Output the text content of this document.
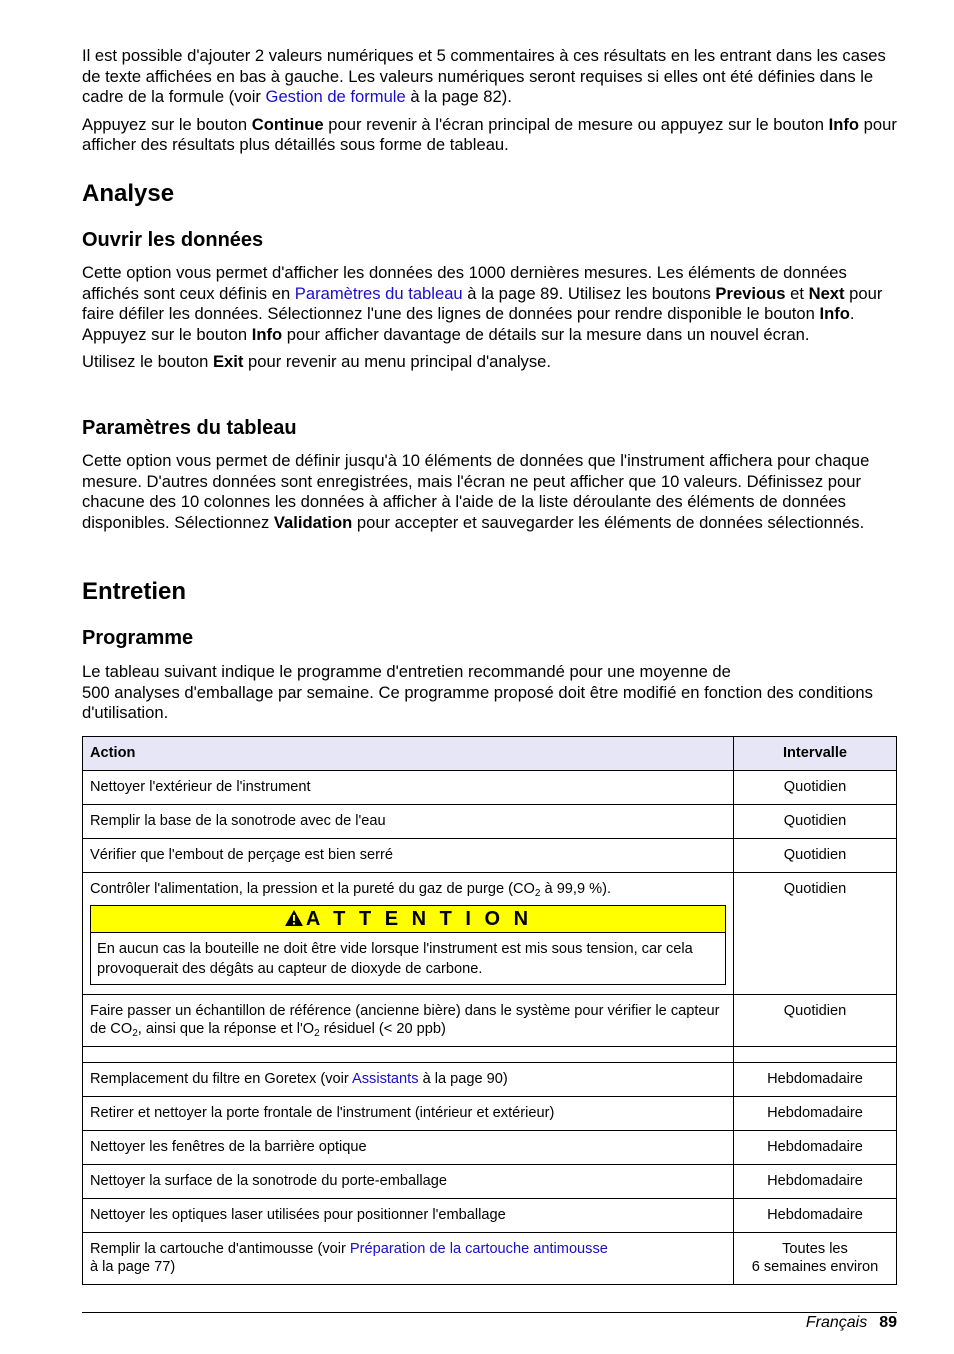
Il est possible d'ajouter 2 valeurs numériques et 5 commentaires à ces résultats en les entrant dans les cases de texte affichées en bas à gauche. Les valeurs numériques seront requises si elles ont été définies dans le cadre de la formule (voir Gestion de formule à la page 82).

Appuyez sur le bouton Continue pour revenir à l'écran principal de mesure ou appuyez sur le bouton Info pour afficher des résultats plus détaillés sous forme de tableau.

Analyse
Ouvrir les données

Cette option vous permet d'afficher les données des 1000 dernières mesures. Les éléments de données affichés sont ceux définis en Paramètres du tableau à la page 89. Utilisez les boutons Previous et Next pour faire défiler les données. Sélectionnez l'une des lignes de données pour rendre disponible le bouton Info. Appuyez sur le bouton Info pour afficher davantage de détails sur la mesure dans un nouvel écran.

Utilisez le bouton Exit pour revenir au menu principal d'analyse.

Paramètres du tableau

Cette option vous permet de définir jusqu'à 10 éléments de données que l'instrument affichera pour chaque mesure. D'autres données sont enregistrées, mais l'écran ne peut afficher que 10 valeurs. Définissez pour chacune des 10 colonnes les données à afficher à l'aide de la liste déroulante des éléments de données disponibles. Sélectionnez Validation pour accepter et sauvegarder les éléments de données sélectionnés.

Entretien
Programme

Le tableau suivant indique le programme d'entretien recommandé pour une moyenne de
500 analyses d'emballage par semaine. Ce programme proposé doit être modifié en fonction des conditions d'utilisation.

Action	Intervalle
Nettoyer l'extérieur de l'instrument	Quotidien
Remplir la base de la sonotrode avec de l'eau	Quotidien
Vérifier que l'embout de perçage est bien serré	Quotidien

Contrôler l'alimentation, la pression et la pureté du gaz de purge ($CO_2$ à 99,9 %).
A T T E N T I O N
En aucun cas la bouteille ne doit être vide lorsque l'instrument est mis sous tension, car cela provoquerait des dégâts au capteur de dioxyde de carbone.	Quotidien
Faire passer un échantillon de référence (ancienne bière) dans le système pour vérifier le capteur de $CO_2$, ainsi que la réponse et $l'O_2$ résiduel (< 20 ppb)	Quotidien

Remplacement du filtre en Goretex (voir Assistants à la page 90)	Hebdomadaire
Retirer et nettoyer la porte frontale de l'instrument (intérieur et extérieur)	Hebdomadaire
Nettoyer les fenêtres de la barrière optique	Hebdomadaire
Nettoyer la surface de la sonotrode du porte-emballage	Hebdomadaire
Nettoyer les optiques laser utilisées pour positionner l'emballage	Hebdomadaire
Remplir la cartouche d'antimousse (voir Préparation de la cartouche antimousse
à la page 77)	Toutes les
6 semaines environ
Français 89
